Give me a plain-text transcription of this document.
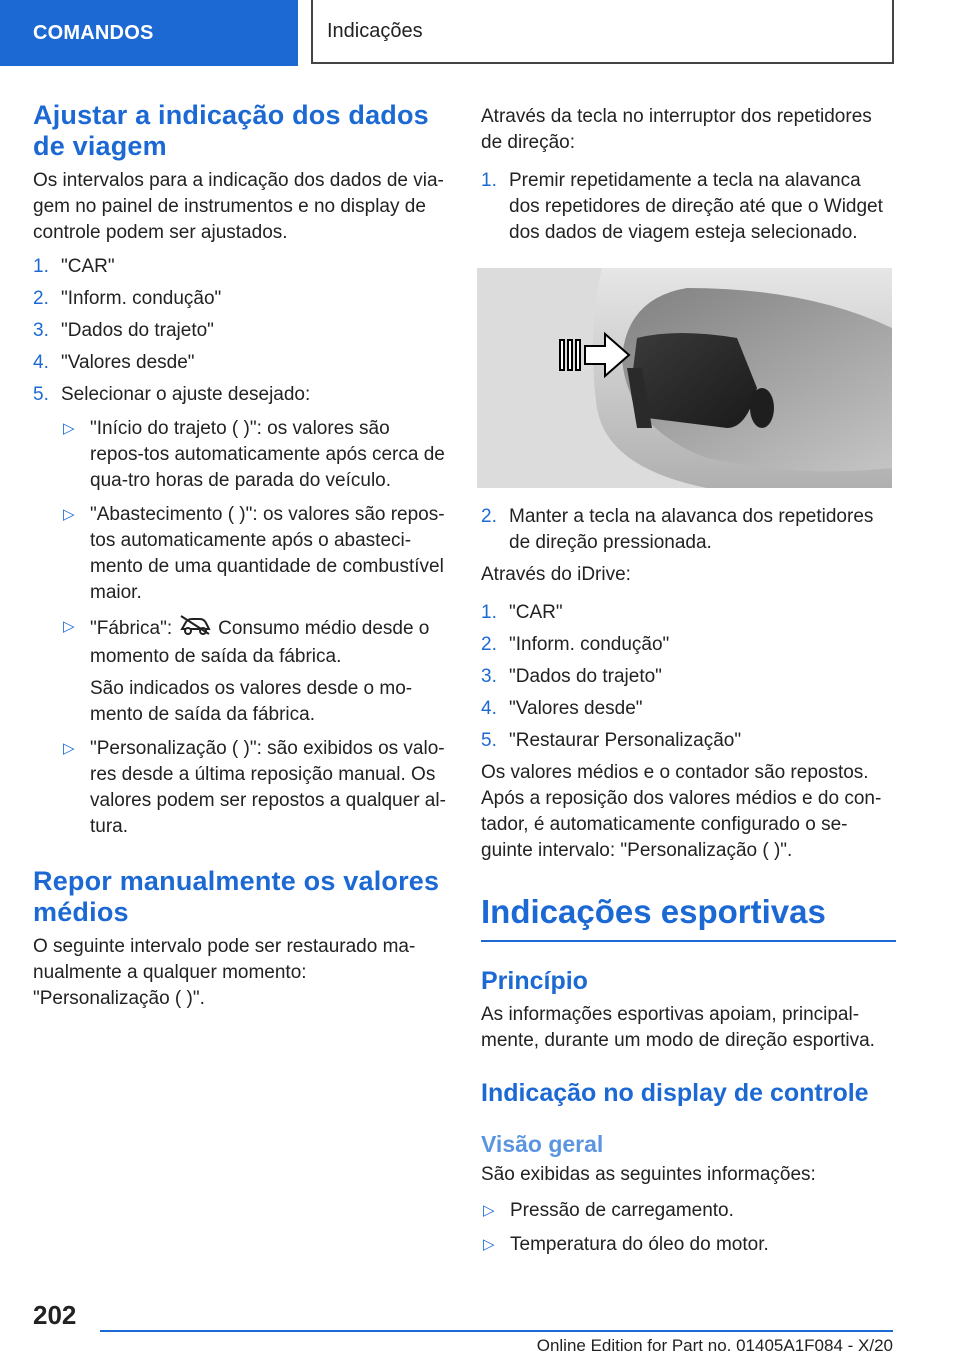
COMANDOS	Indicações
Ajustar a indicação dos dados de viagem

Os intervalos para a indicação dos dados de via-gem no painel de instrumentos e no display de controle podem ser ajustados.

1. "CAR"
2. "Inform. condução"
3. "Dados do trajeto"
4. "Valores desde"
5. Selecionar o ajuste desejado:
▷ "Início do trajeto ( )": os valores são repos-tos automaticamente após cerca de qua-tro horas de parada do veículo.
▷ "Abastecimento ( )": os valores são repos-tos automaticamente após o abasteci-mento de uma quantidade de combustível maior.
▷ "Fábrica": Consumo médio desde o momento de saída da fábrica.
São indicados os valores desde o mo-mento de saída da fábrica.
▷ "Personalização ( )": são exibidos os valo-res desde a última reposição manual. Os valores podem ser repostos a qualquer al-tura.
Repor manualmente os valores médios

O seguinte intervalo pode ser restaurado ma-nualmente a qualquer momento: "Personalização ( )".

Através da tecla no interruptor dos repetidores de direção:

1. Premir repetidamente a tecla na alavanca dos repetidores de direção até que o Widget dos dados de viagem esteja selecionado.
2. Manter a tecla na alavanca dos repetidores de direção pressionada.

Através do iDrive:

1. "CAR"
2. "Inform. condução"
3. "Dados do trajeto"
4. "Valores desde"
5. "Restaurar Personalização"

Os valores médios e o contador são repostos. Após a reposição dos valores médios e do con-tador, é automaticamente configurado o se-guinte intervalo: "Personalização ( )".

Indicações esportivas
Princípio

As informações esportivas apoiam, principal-mente, durante um modo de direção esportiva.

Indicação no display de controle
Visão geral

São exibidas as seguintes informações:

▷ Pressão de carregamento.
▷ Temperatura do óleo do motor.
202
Online Edition for Part no. 01405A1F084 - X/20
